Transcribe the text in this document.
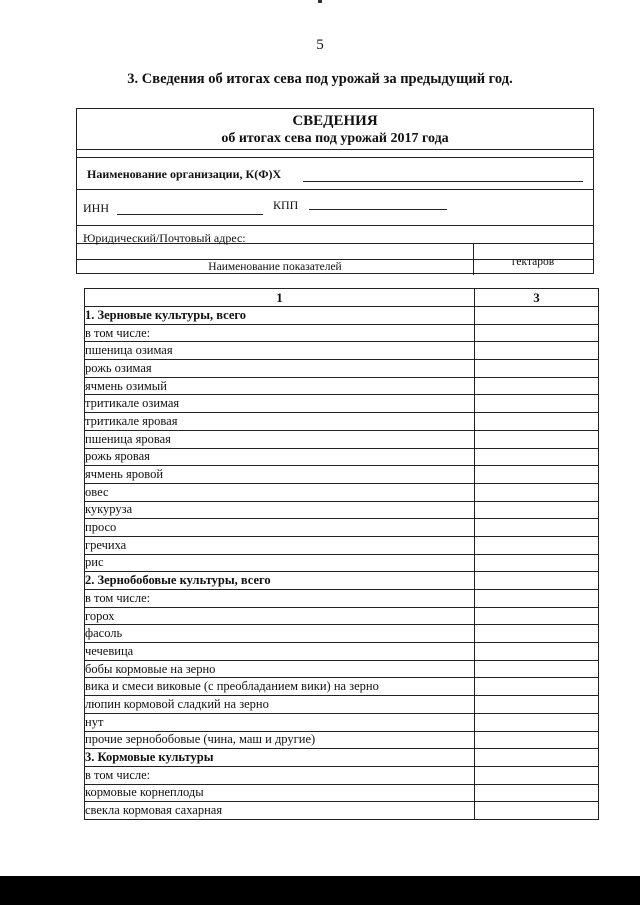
5
3. Сведения об итогах сева под урожай за предыдущий год.
СВЕДЕНИЯ
об итогах сева под урожай 2017 года
Наименование организации, К(Ф)Х
ИНН	КПП
Юридический/Почтовый адрес:
Наименование показателей	гектаров
1	3
1. Зерновые культуры, всего	
в том числе:	
пшеница озимая	
рожь озимая	
ячмень озимый	
тритикале озимая	
тритикале яровая	
пшеница яровая	
рожь яровая	
ячмень яровой	
овес	
кукуруза	
просо	
гречиха	
рис	
2. Зернобобовые культуры, всего	
в том числе:	
горох	
фасоль	
чечевица	
бобы кормовые на зерно	
вика и смеси виковые (с преобладанием вики) на зерно	
люпин кормовой сладкий на зерно	
нут	
прочие зернобобовые (чина, маш и другие)	
3. Кормовые культуры	
в том числе:	
кормовые корнеплоды	
свекла кормовая сахарная	
